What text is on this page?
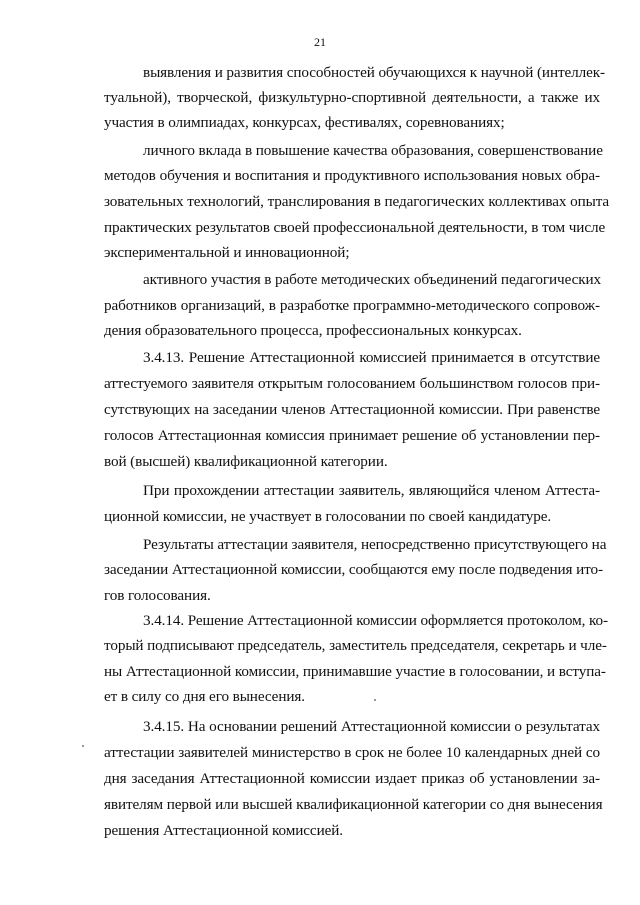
21
выявления и развития способностей обучающихся к научной (интеллек-
туальной), творческой, физкультурно-спортивной деятельности, а также их
участия в олимпиадах, конкурсах, фестивалях, соревнованиях;
личного вклада в повышение качества образования, совершенствование
методов обучения и воспитания и продуктивного использования новых обра-
зовательных технологий, транслирования в педагогических коллективах опыта
практических результатов своей профессиональной деятельности, в том числе
экспериментальной и инновационной;
активного участия в работе методических объединений педагогических
работников организаций, в разработке программно-методического сопровож-
дения образовательного процесса, профессиональных конкурсах.
3.4.13. Решение Аттестационной комиссией принимается в отсутствие
аттестуемого заявителя открытым голосованием большинством голосов при-
сутствующих на заседании членов Аттестационной комиссии. При равенстве
голосов Аттестационная комиссия принимает решение об установлении пер-
вой (высшей) квалификационной категории.
При прохождении аттестации заявитель, являющийся членом Аттеста-
ционной комиссии, не участвует в голосовании по своей кандидатуре.
Результаты аттестации заявителя, непосредственно присутствующего на
заседании Аттестационной комиссии, сообщаются ему после подведения ито-
гов голосования.
3.4.14. Решение Аттестационной комиссии оформляется протоколом, ко-
торый подписывают председатель, заместитель председателя, секретарь и чле-
ны Аттестационной комиссии, принимавшие участие в голосовании, и вступа-
ет в силу со дня его вынесения.
3.4.15. На основании решений Аттестационной комиссии о результатах
аттестации заявителей министерство в срок не более 10 календарных дней со
дня заседания Аттестационной комиссии издает приказ об установлении за-
явителям первой или высшей квалификационной категории со дня вынесения
решения Аттестационной комиссией.
